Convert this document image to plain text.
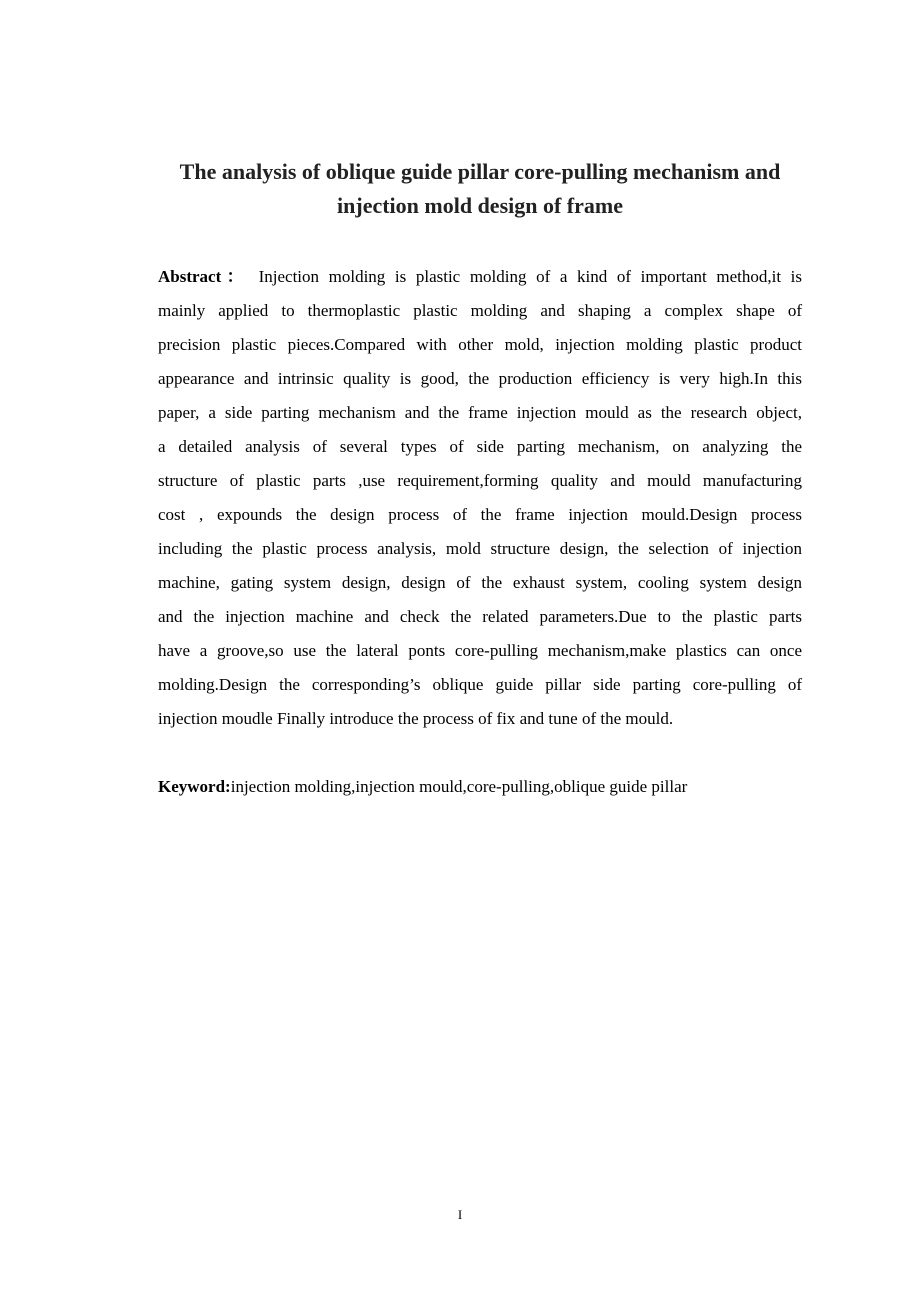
The analysis of oblique guide pillar core-pulling mechanism and
injection mold design of frame
Abstract： Injection molding is plastic molding of a kind of important method,it is
mainly applied to thermoplastic plastic molding and shaping a complex shape of
precision plastic pieces.Compared with other mold, injection molding plastic product
appearance and intrinsic quality is good, the production efficiency is very high.In this
paper, a side parting mechanism and the frame injection mould as the research object,
a detailed analysis of several types of side parting mechanism, on analyzing the
structure of plastic parts ,use requirement,forming quality and mould manufacturing
cost , expounds the design process of the frame injection mould.Design process
including the plastic process analysis, mold structure design, the selection of injection
machine, gating system design, design of the exhaust system, cooling system design
and the injection machine and check the related parameters.Due to the plastic parts
have a groove,so use the lateral ponts core-pulling mechanism,make plastics can once
molding.Design the corresponding’s oblique guide pillar side parting core-pulling of
injection moudle Finally introduce the process of fix and tune of the mould.
Keyword:injection molding,injection mould,core-pulling,oblique guide pillar
I
